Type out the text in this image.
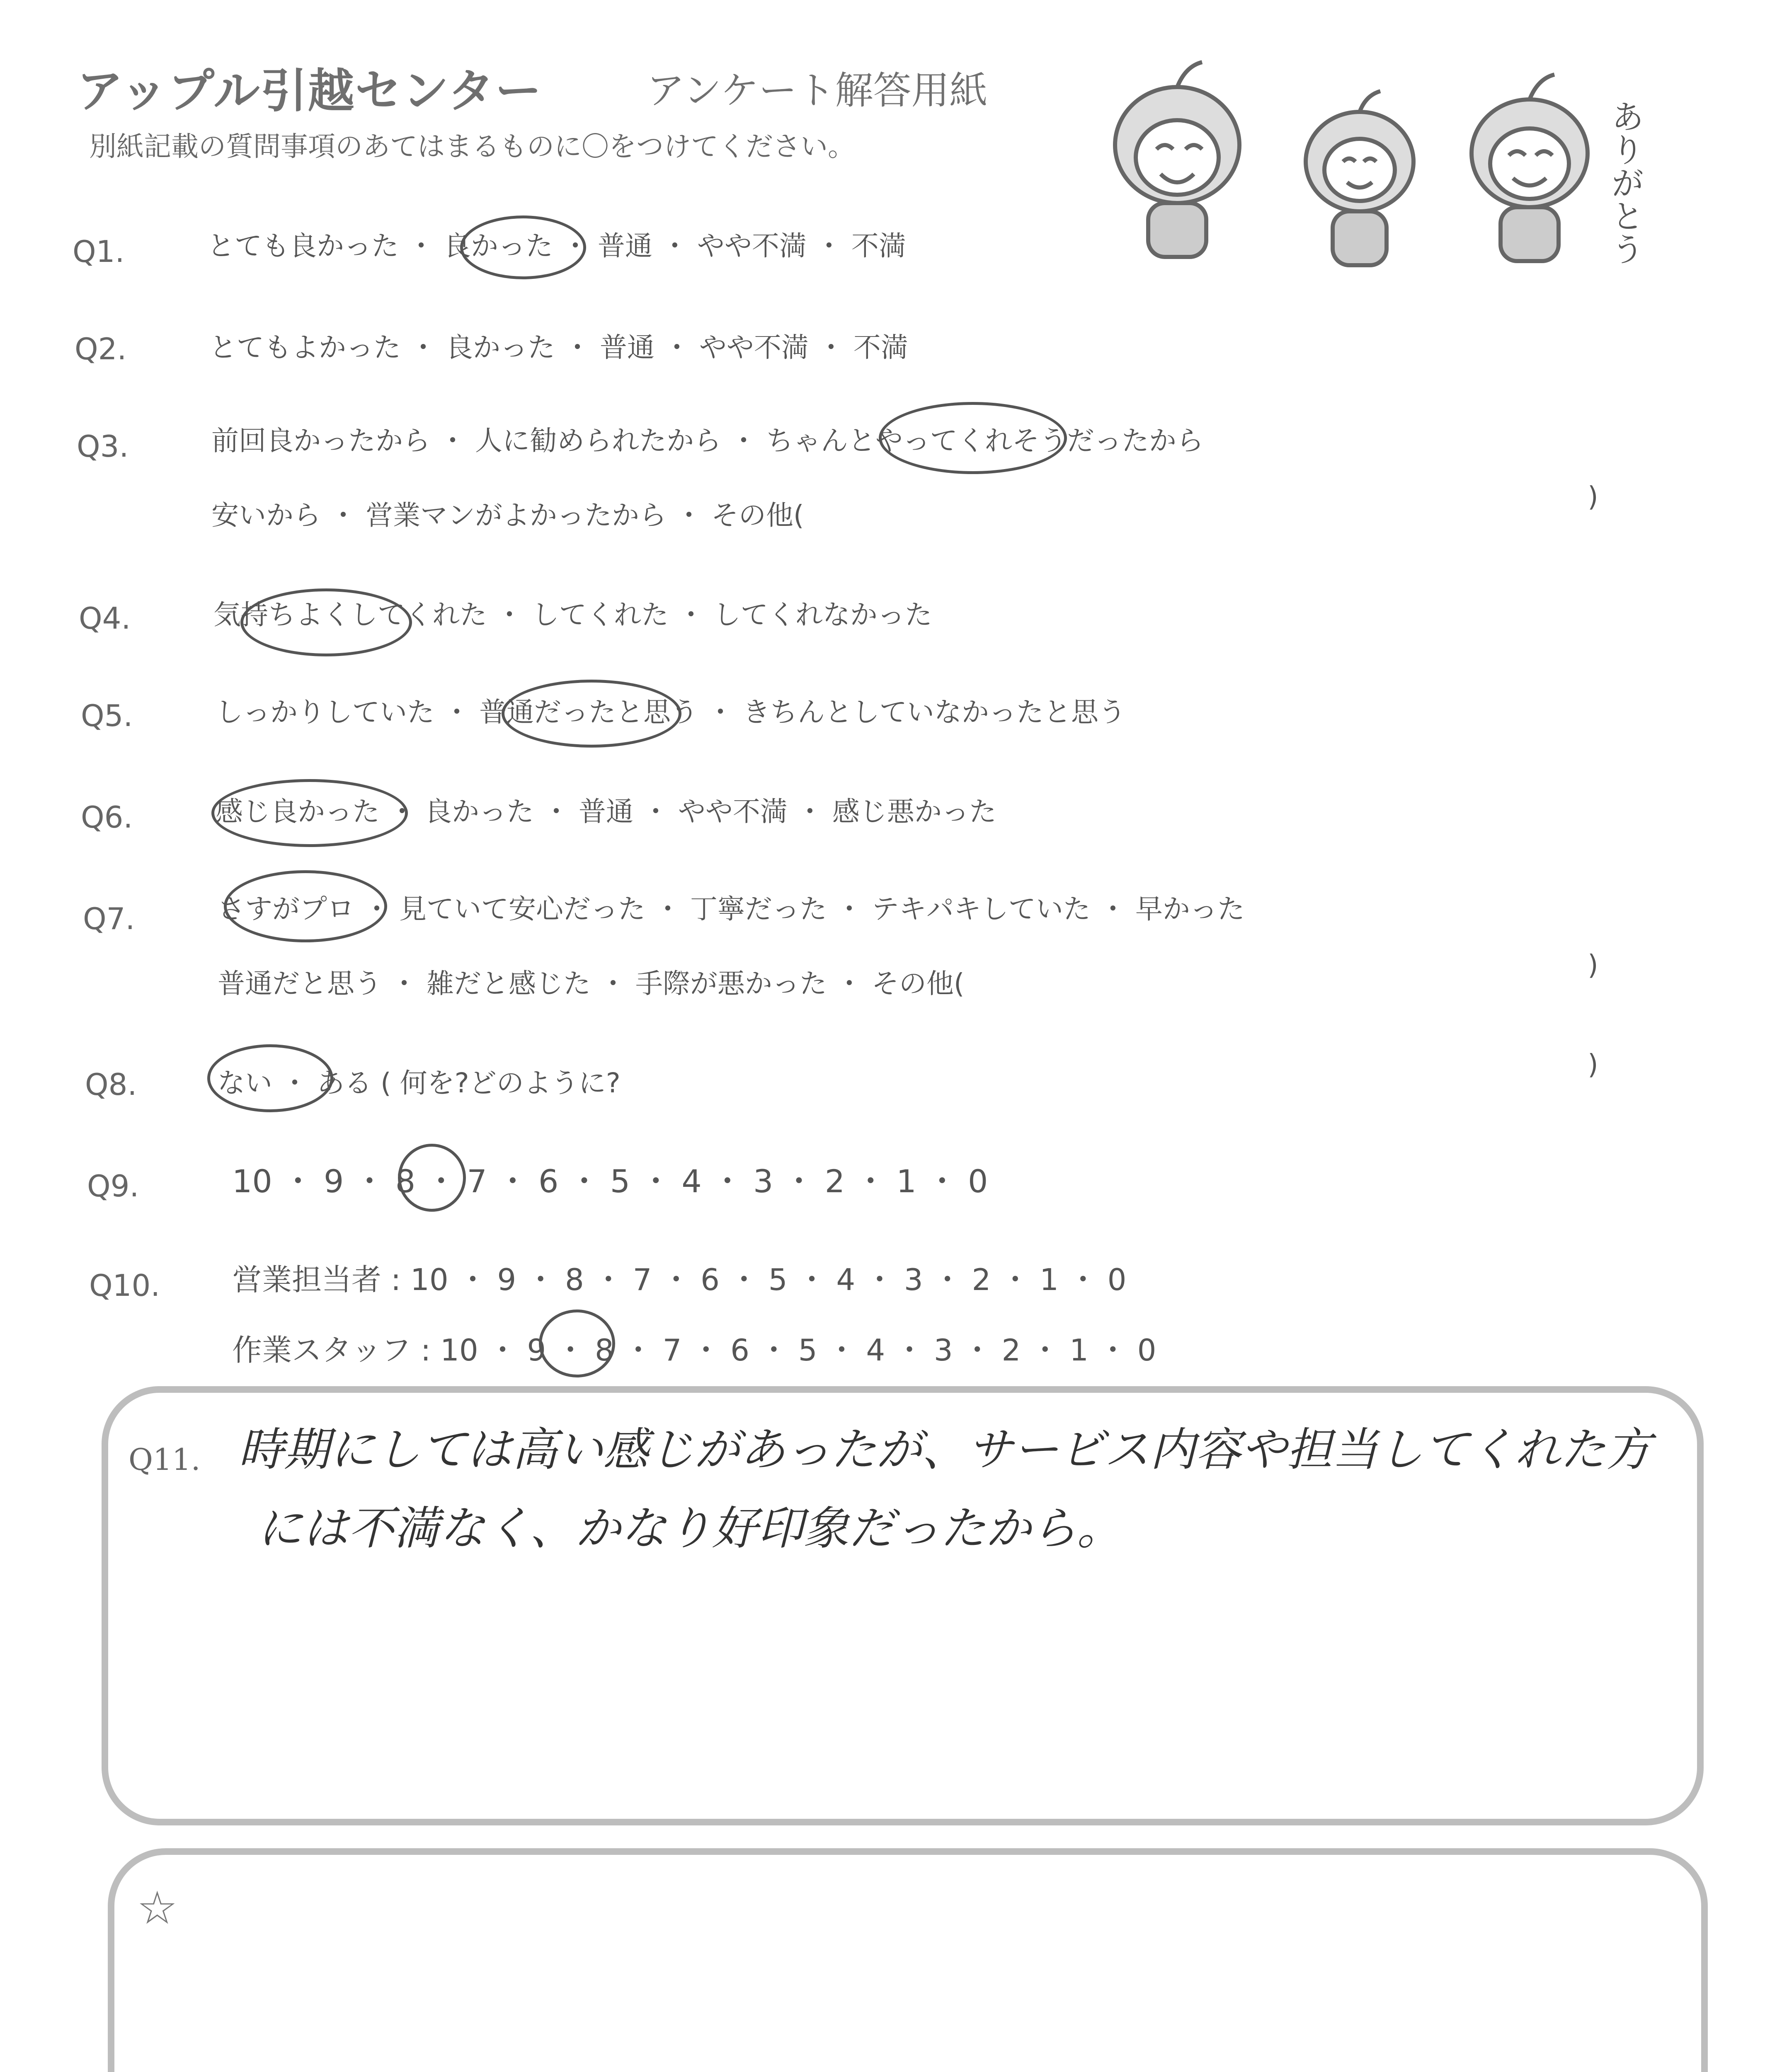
アップル引越センター	アンケート解答用紙
別紙記載の質問事項のあてはまるものに〇をつけてください。	ありがとう
Q1.	とても良かった ・ 良かった ・ 普通 ・ やや不満 ・ 不満
Q2.	とてもよかった ・ 良かった ・ 普通 ・ やや不満 ・ 不満
Q3.	前回良かったから ・ 人に勧められたから ・ ちゃんとやってくれそうだったから
安いから ・ 営業マンがよかったから ・ その他(
)
Q4.	気持ちよくしてくれた ・ してくれた ・ してくれなかった
Q5.	しっかりしていた ・ 普通だったと思う ・ きちんとしていなかったと思う
Q6.	感じ良かった ・ 良かった ・ 普通 ・ やや不満 ・ 感じ悪かった
Q7.	さすがプロ ・ 見ていて安心だった ・ 丁寧だった ・ テキパキしていた ・ 早かった
普通だと思う ・ 雑だと感じた ・ 手際が悪かった ・ その他(
)
Q8.	ない ・ ある ( 何を?どのように?
)
Q9.	10 ・ 9 ・ 8 ・ 7 ・ 6 ・ 5 ・ 4 ・ 3 ・ 2 ・ 1 ・ 0
Q10. 営業担当者 : 10 ・ 9 ・ 8 ・ 7 ・ 6 ・ 5 ・ 4 ・ 3 ・ 2 ・ 1 ・ 0
作業スタッフ : 10 ・ 9 ・ 8 ・ 7 ・ 6 ・ 5 ・ 4 ・ 3 ・ 2 ・ 1 ・ 0
Q11. 時期にしては高い感じがあったが、サービス内容や担当してくれた方
には不満なく、かなり好印象だったから。
☆
